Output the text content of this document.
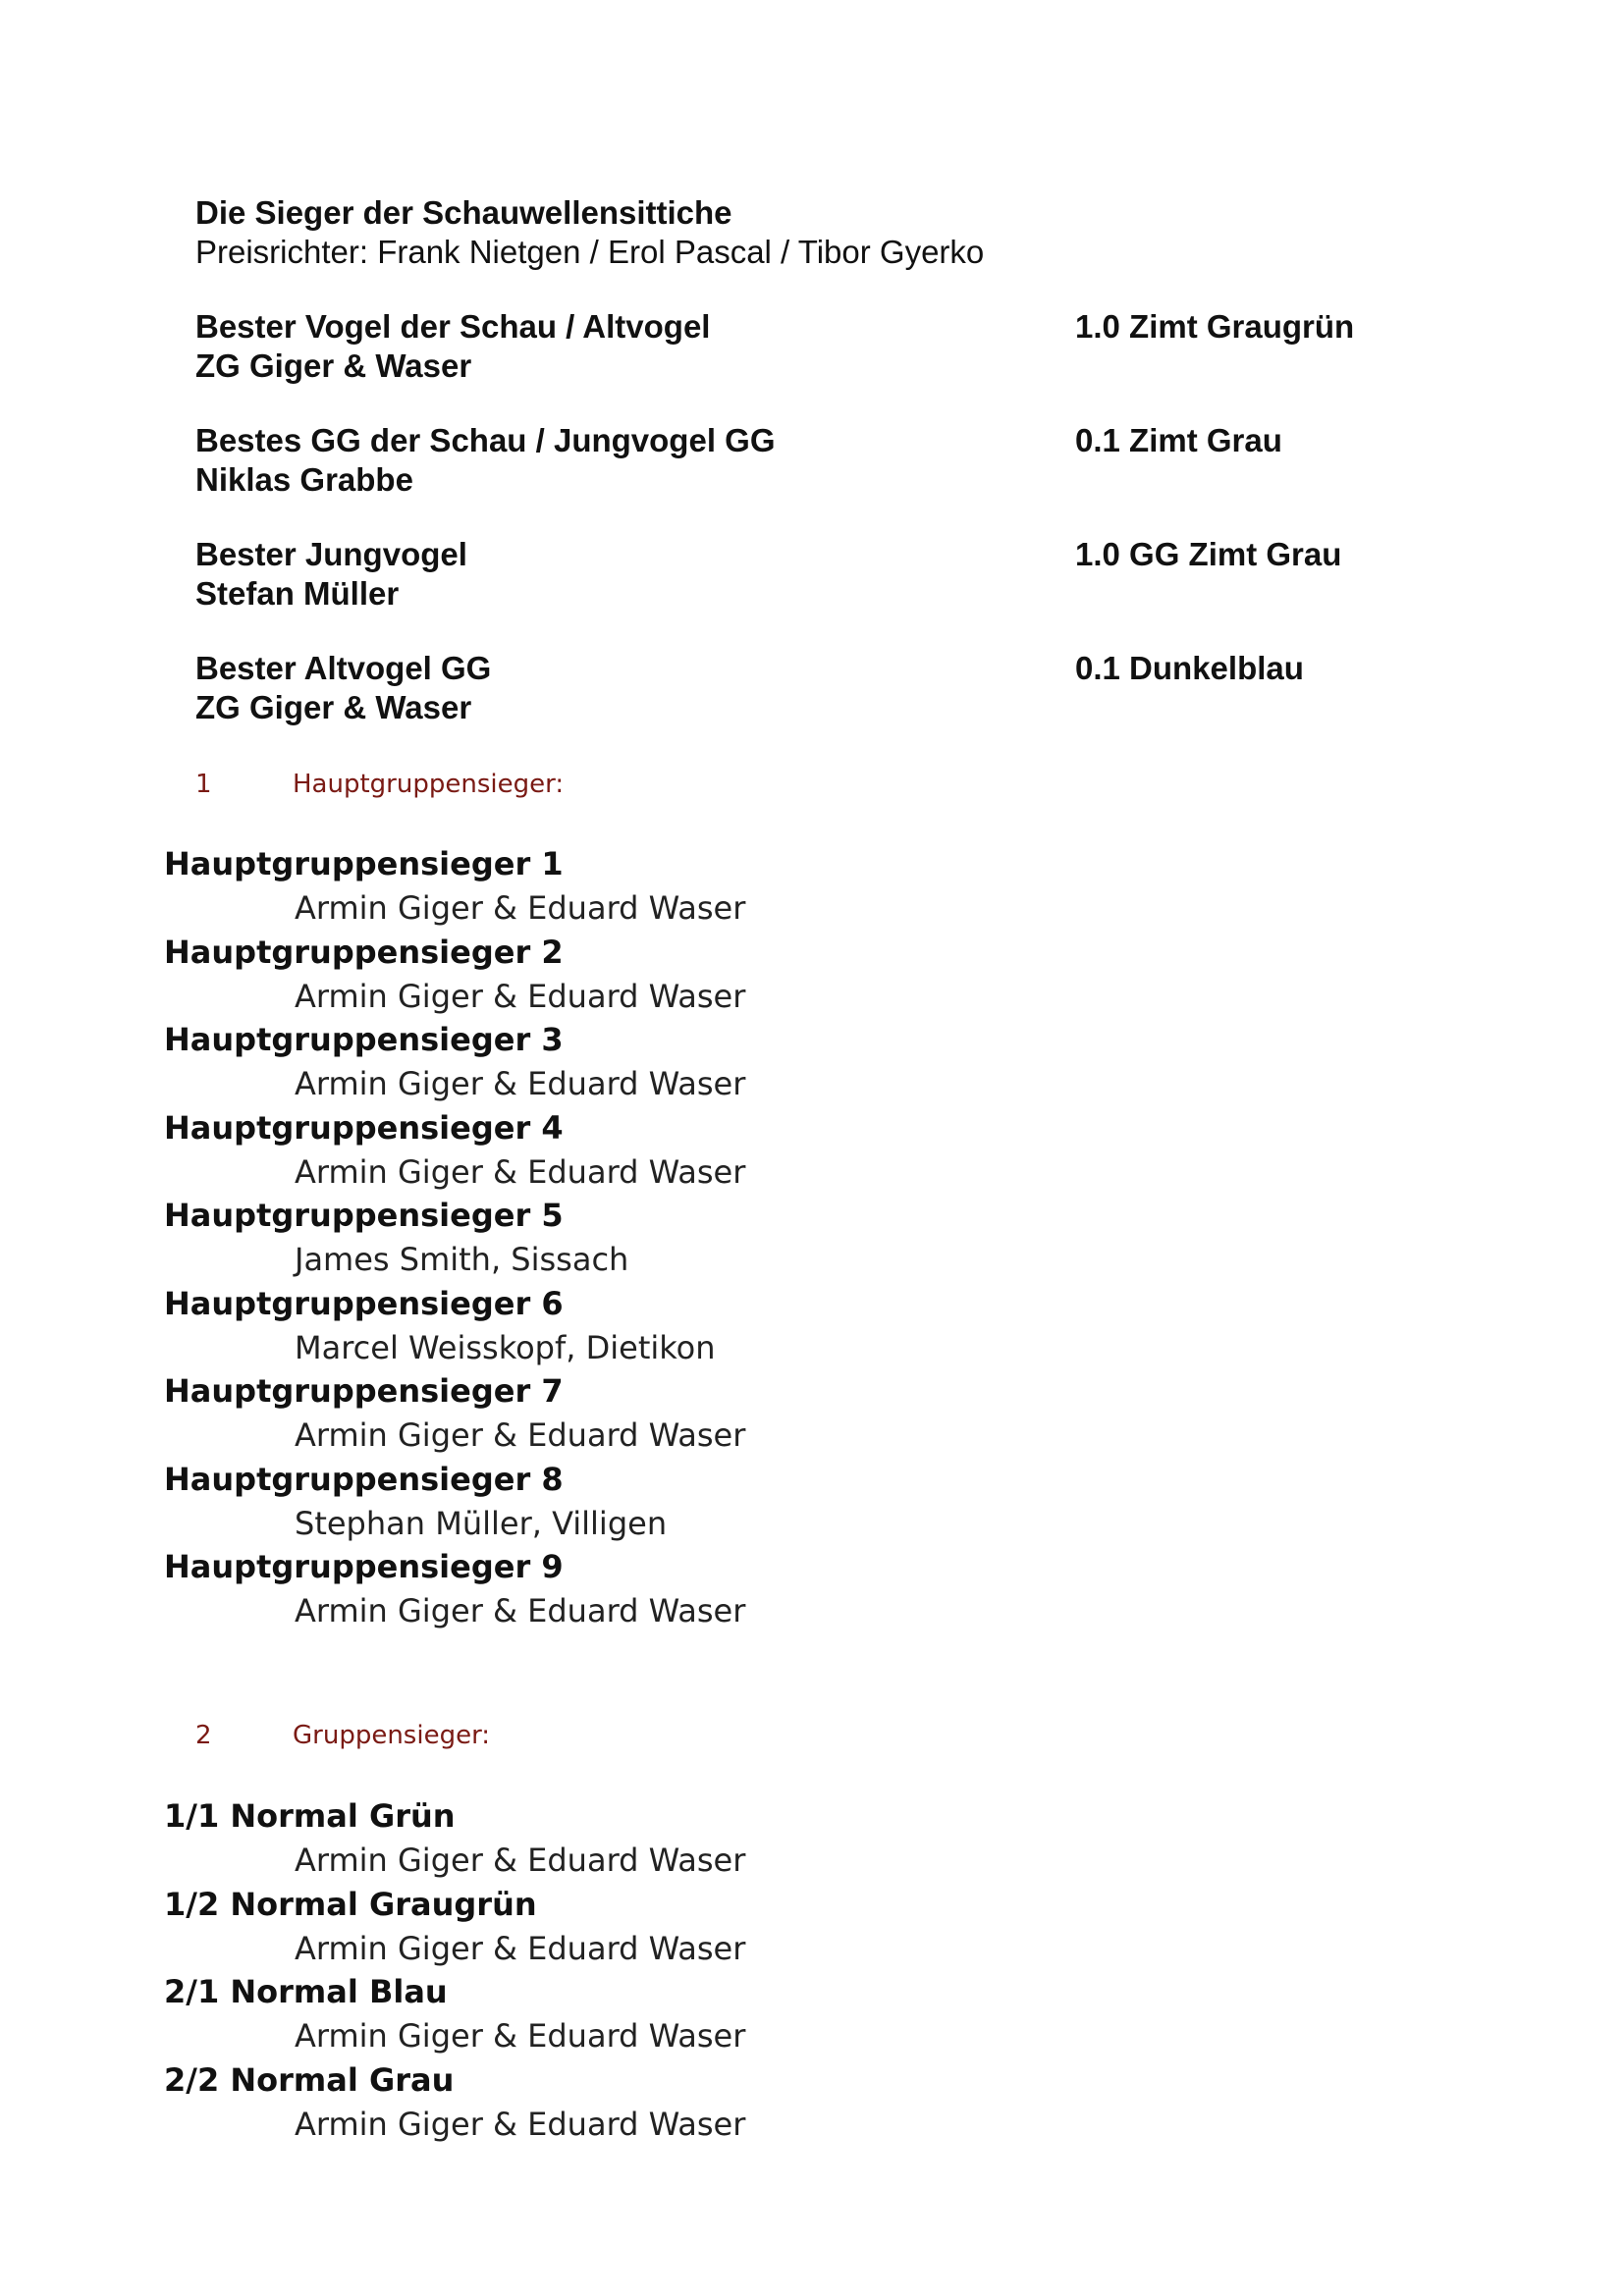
Die Sieger der Schauwellensittiche
Preisrichter: Frank Nietgen / Erol Pascal / Tibor Gyerko
Bester Vogel der Schau / Altvogel
ZG Giger & Waser
1.0 Zimt Graugrün
Bestes GG der Schau / Jungvogel GG
Niklas Grabbe
0.1 Zimt Grau
Bester Jungvogel
Stefan Müller
1.0 GG Zimt Grau
Bester Altvogel GG
ZG Giger & Waser
0.1 Dunkelblau
1	Hauptgruppensieger:
Hauptgruppensieger 1
Armin Giger & Eduard Waser
Hauptgruppensieger 2
Armin Giger & Eduard Waser
Hauptgruppensieger 3
Armin Giger & Eduard Waser
Hauptgruppensieger 4
Armin Giger & Eduard Waser
Hauptgruppensieger 5
James Smith, Sissach
Hauptgruppensieger 6
Marcel Weisskopf, Dietikon
Hauptgruppensieger 7
Armin Giger & Eduard Waser
Hauptgruppensieger 8
Stephan Müller, Villigen
Hauptgruppensieger 9
Armin Giger & Eduard Waser
2	Gruppensieger:
1/1 Normal Grün
Armin Giger & Eduard Waser
1/2 Normal Graugrün
Armin Giger & Eduard Waser
2/1 Normal Blau
Armin Giger & Eduard Waser
2/2 Normal Grau
Armin Giger & Eduard Waser
